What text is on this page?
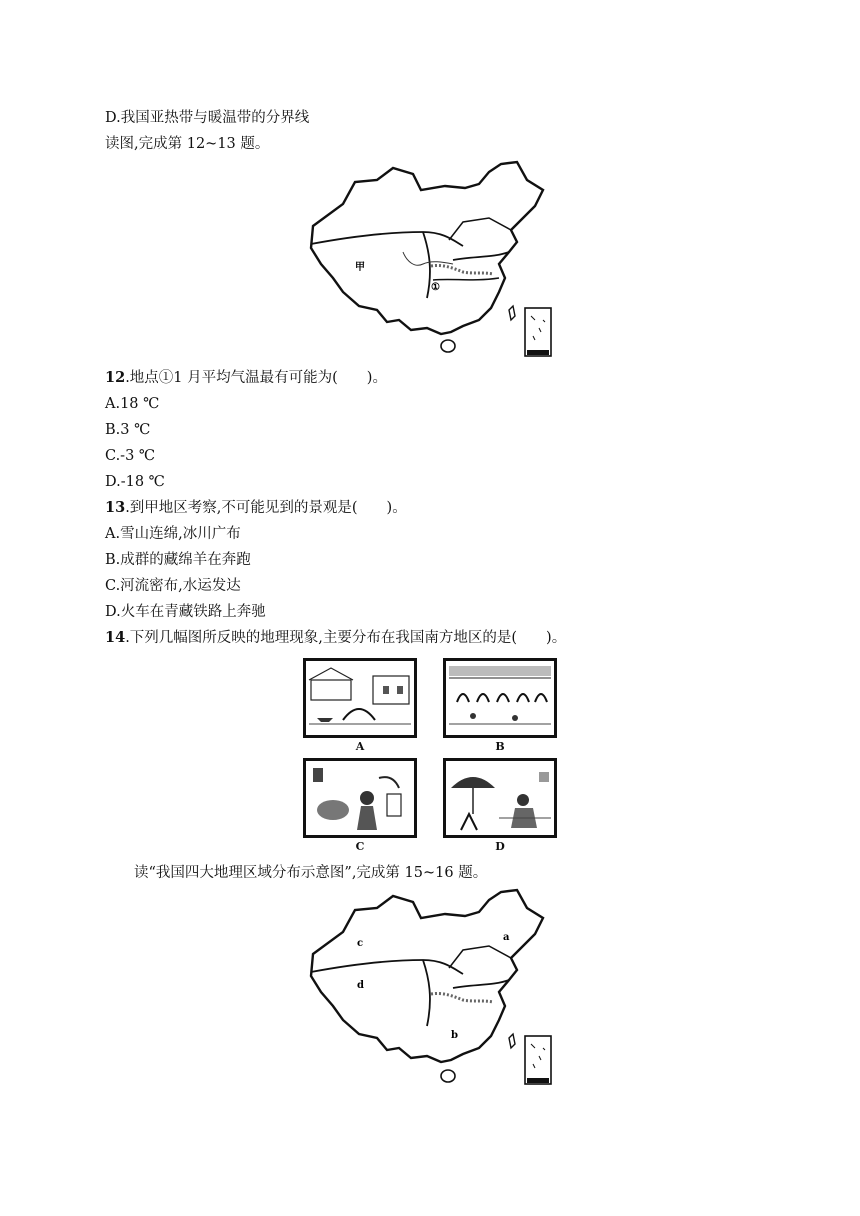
D.我国亚热带与暖温带的分界线
读图,完成第 12~13 题。
甲
①
12.地点①1 月平均气温最有可能为(　　)。
A.18 ℃
B.3 ℃
C.-3 ℃
D.-18 ℃
13.到甲地区考察,不可能见到的景观是(　　)。
A.雪山连绵,冰川广布
B.成群的藏绵羊在奔跑
C.河流密布,水运发达
D.火车在青藏铁路上奔驰
14.下列几幅图所反映的地理现象,主要分布在我国南方地区的是(　　)。
A	B
C	D
读“我国四大地理区域分布示意图”,完成第 15~16 题。
a
b
c
d
